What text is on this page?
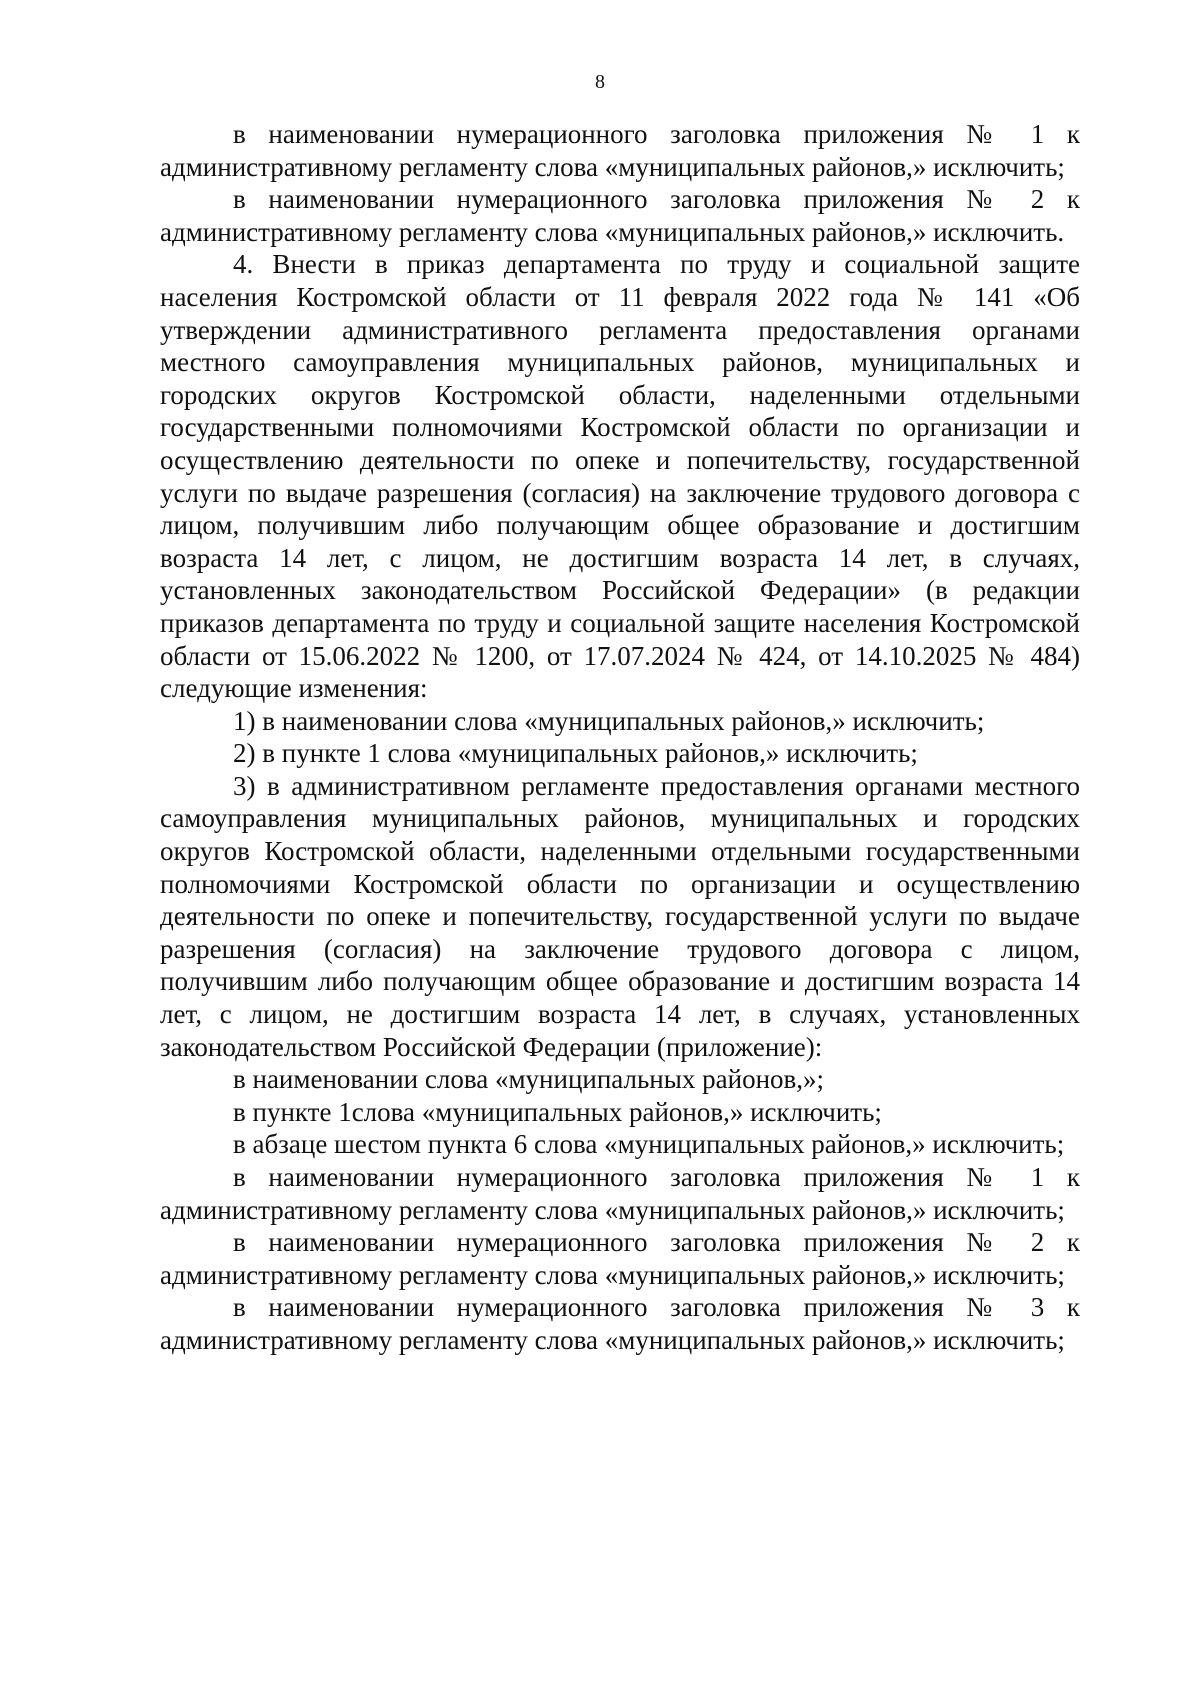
8

в наименовании нумерационного заголовка приложения № 1 к административному регламенту слова «муниципальных районов,» исключить;

в наименовании нумерационного заголовка приложения № 2 к административному регламенту слова «муниципальных районов,» исключить.

4. Внести в приказ департамента по труду и социальной защите населения Костромской области от 11 февраля 2022 года № 141 «Об утверждении административного регламента предоставления органами местного самоуправления муниципальных районов, муниципальных и городских округов Костромской области, наделенными отдельными государственными полномочиями Костромской области по организации и осуществлению деятельности по опеке и попечительству, государственной услуги по выдаче разрешения (согласия) на заключение трудового договора с лицом, получившим либо получающим общее образование и достигшим возраста 14 лет, с лицом, не достигшим возраста 14 лет, в случаях, установленных законодательством Российской Федерации» (в редакции приказов департамента по труду и социальной защите населения Костромской области от 15.06.2022 № 1200, от 17.07.2024 № 424, от 14.10.2025 № 484) следующие изменения:

1) в наименовании слова «муниципальных районов,» исключить;

2) в пункте 1 слова «муниципальных районов,» исключить;

3) в административном регламенте предоставления органами местного самоуправления муниципальных районов, муниципальных и городских округов Костромской области, наделенными отдельными государственными полномочиями Костромской области по организации и осуществлению деятельности по опеке и попечительству, государственной услуги по выдаче разрешения (согласия) на заключение трудового договора с лицом, получившим либо получающим общее образование и достигшим возраста 14 лет, с лицом, не достигшим возраста 14 лет, в случаях, установленных законодательством Российской Федерации (приложение):

в наименовании слова «муниципальных районов,»;

в пункте 1слова «муниципальных районов,» исключить;

в абзаце шестом пункта 6 слова «муниципальных районов,» исключить;

в наименовании нумерационного заголовка приложения № 1 к административному регламенту слова «муниципальных районов,» исключить;

в наименовании нумерационного заголовка приложения № 2 к административному регламенту слова «муниципальных районов,» исключить;

в наименовании нумерационного заголовка приложения № 3 к административному регламенту слова «муниципальных районов,» исключить;
